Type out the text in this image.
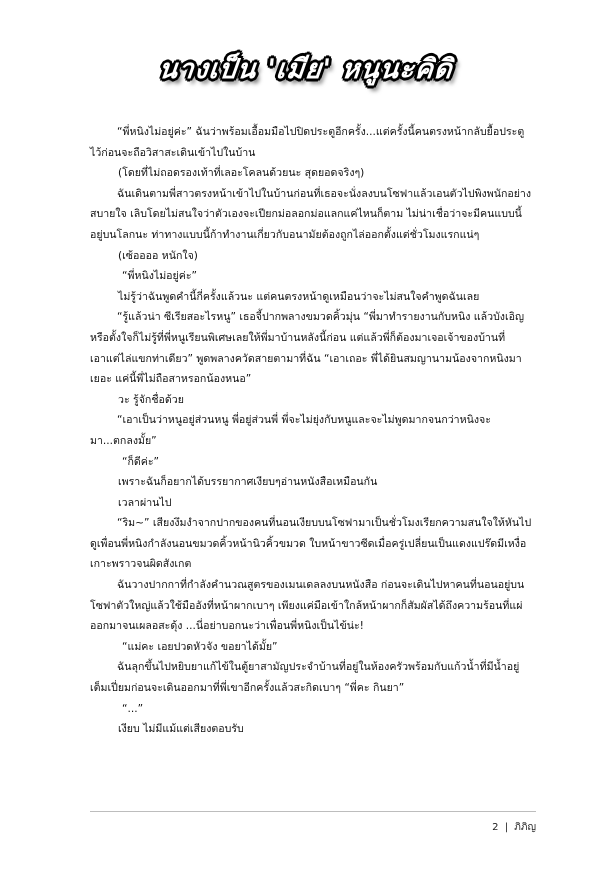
นางเป็น 'เมีย' หนูนะคิดิ

“พี่หนิงไม่อยู่ค่ะ” ฉันว่าพร้อมเอื้อมมือไปปิดประตูอีกครั้ง...แต่ครั้งนี้คนตรงหน้ากลับยื้อประตูไว้ก่อนจะถือวิสาสะเดินเข้าไปในบ้าน

(โดยที่ไม่ถอดรองเท้าที่เลอะโคลนด้วยนะ สุดยอดจริงๆ)

ฉันเดินตามพี่สาวตรงหน้าเข้าไปในบ้านก่อนที่เธอจะนั่งลงบนโซฟาแล้วเอนตัวไปพิงพนักอย่างสบายใจ เลิบโดยไม่สนใจว่าตัวเองจะเปียกม่อลอกม่อแลกแค่ไหนก็ตาม ไม่น่าเชื่อว่าจะมีคนแบบนี้อยู่บนโลกนะ ท่าทางแบบนี้ก้าทำงานเกี่ยวกับอนามัยต้องถูกไล่ออกตั้งแต่ชั่วโมงแรกแน่ๆ

(เซ้ออออ หนักใจ)

“พี่หนิงไม่อยู่ค่ะ”

ไม่รู้ว่าฉันพูดคำนี้กี่ครั้งแล้วนะ แต่คนตรงหน้าดูเหมือนว่าจะไม่สนใจคำพูดฉันเลย

“รู้แล้วน่า ซีเรียสอะไรหนู” เธอจี้ปากพลางขมวดคิ้วมุ่น “พี่มาทำรายงานกับหนิง แล้วบังเอิญหรือตั้งใจก็ไม่รู้ที่พี่หนูเรียนพิเศษเลยให้พี่มาบ้านหลังนี้ก่อน แต่แล้วพี่ก็ต้องมาเจอเจ้าของบ้านที่เอาแต่ไล่แขกท่าเดียว” พูดพลางควัดสายตามาที่ฉัน “เอาเถอะ พี่ได้ยินสมญานามน้องจากหนิงมาเยอะ แค่นี้พี่ไม่ถือสาหรอกน้องหนอ”

วะ รู้จักชื่อด้วย

“เอาเป็นว่าหนูอยู่ส่วนหนู พี่อยู่ส่วนพี่ พี่จะไม่ยุ่งกับหนูและจะไม่พูดมากจนกว่าหนิงจะมา...ตกลงมั้ย”

“ก็ดีค่ะ”

เพราะฉันก็อยากได้บรรยากาศเงียบๆอ่านหนังสือเหมือนกัน

เวลาผ่านไป

“ริม~” เสียงงึมงำจากปากของคนที่นอนเงียบบนโซฟามาเป็นชั่วโมงเรียกความสนใจให้หันไปดูเพื่อนพี่หนิงกำลังนอนขมวดคิ้วหน้านิวคิ้วขมวด ใบหน้าขาวซีดเมื่อครู่เปลี่ยนเป็นแดงแปร๊ดมีเหงื่อเกาะพราวจนผิดสังเกต

ฉันวางปากกาที่กำลังคำนวณสูตรของเมนเดลลงบนหนังสือ ก่อนจะเดินไปหาคนที่นอนอยู่บนโซฟาตัวใหญ่แล้วใช้มืออังที่หน้าผากเบาๆ เพียงแค่มือเข้าใกล้หน้าผากก็สัมผัสได้ถึงความร้อนที่แผ่ออกมาจนเผลอสะดุ้ง ...นี่อย่าบอกนะว่าเพื่อนพี่หนิงเป็นไข้น่ะ!

“แม่คะ เอยปวดหัวจัง ขอยาได้มั้ย”

ฉันลุกขึ้นไปหยิบยาแก้ไข้ในตู้ยาสามัญประจำบ้านที่อยู่ในห้องครัวพร้อมกับแก้วน้ำที่มีน้ำอยู่เต็มเปี่ยมก่อนจะเดินออกมาที่พี่เขาอีกครั้งแล้วสะกิดเบาๆ “พี่คะ กินยา”

“...”

เงียบ ไม่มีแม้แต่เสียงตอบรับ

2 | ภิภิญ
